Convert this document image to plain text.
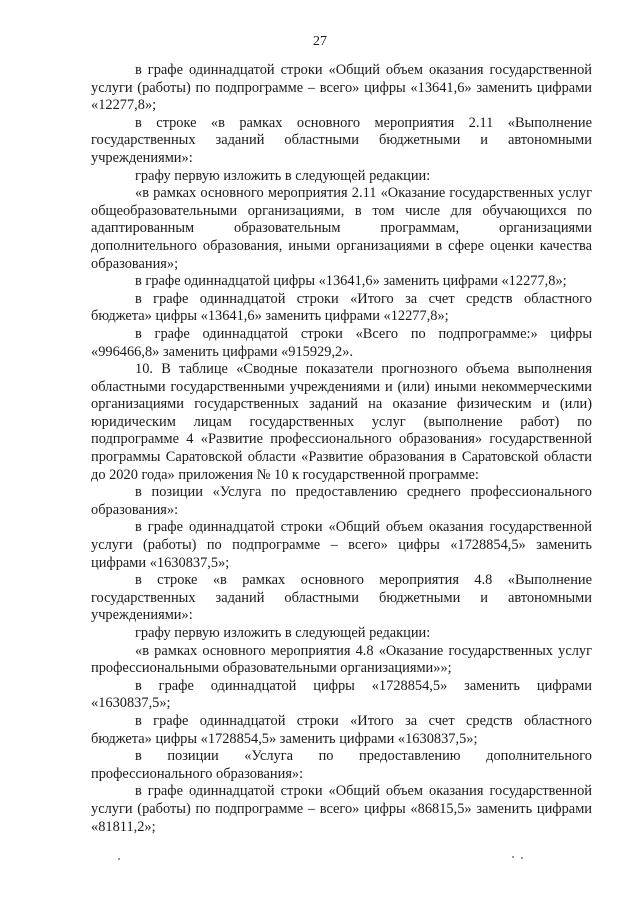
27

в графе одиннадцатой строки «Общий объем оказания государственной услуги (работы) по подпрограмме – всего» цифры «13641,6» заменить цифрами «12277,8»;

в строке «в рамках основного мероприятия 2.11 «Выполнение государственных заданий областными бюджетными и автономными учреждениями»:

графу первую изложить в следующей редакции:

«в рамках основного мероприятия 2.11 «Оказание государственных услуг общеобразовательными организациями, в том числе для обучающихся по адаптированным образовательным программам, организациями дополнительного образования, иными организациями в сфере оценки качества образования»;

в графе одиннадцатой цифры «13641,6» заменить цифрами «12277,8»;

в графе одиннадцатой строки «Итого за счет средств областного бюджета» цифры «13641,6» заменить цифрами «12277,8»;

в графе одиннадцатой строки «Всего по подпрограмме:» цифры «996466,8» заменить цифрами «915929,2».

10. В таблице «Сводные показатели прогнозного объема выполнения областными государственными учреждениями и (или) иными некоммерческими организациями государственных заданий на оказание физическим и (или) юридическим лицам государственных услуг (выполнение работ) по подпрограмме 4 «Развитие профессионального образования» государственной программы Саратовской области «Развитие образования в Саратовской области до 2020 года» приложения № 10 к государственной программе:

в позиции «Услуга по предоставлению среднего профессионального образования»:

в графе одиннадцатой строки «Общий объем оказания государственной услуги (работы) по подпрограмме – всего» цифры «1728854,5» заменить цифрами «1630837,5»;

в строке «в рамках основного мероприятия 4.8 «Выполнение государственных заданий областными бюджетными и автономными учреждениями»:

графу первую изложить в следующей редакции:

«в рамках основного мероприятия 4.8 «Оказание государственных услуг профессиональными образовательными организациями»»;

в графе одиннадцатой цифры «1728854,5» заменить цифрами «1630837,5»;

в графе одиннадцатой строки «Итого за счет средств областного бюджета» цифры «1728854,5» заменить цифрами «1630837,5»;

в позиции «Услуга по предоставлению дополнительного профессионального образования»:

в графе одиннадцатой строки «Общий объем оказания государственной услуги (работы) по подпрограмме – всего» цифры «86815,5» заменить цифрами «81811,2»;
